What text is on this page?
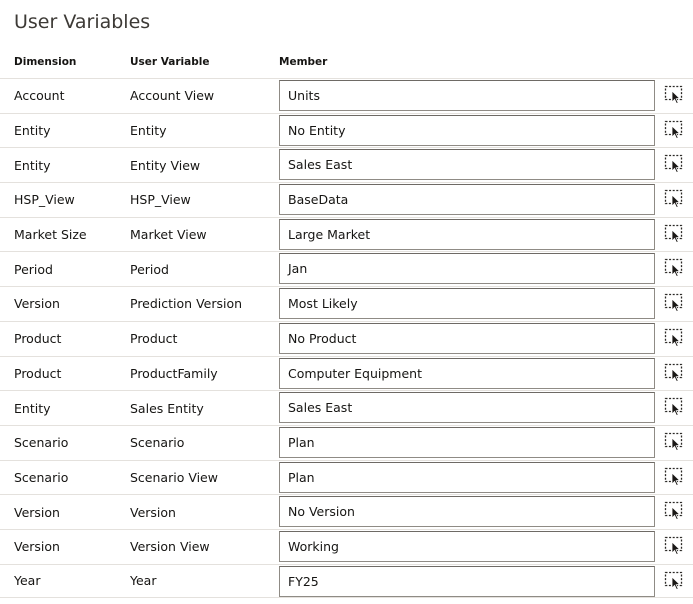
User Variables
Dimension	User Variable	Member
Account	Account View	Units
Entity	Entity	No Entity
Entity	Entity View	Sales East
HSP_View	HSP_View	BaseData
Market Size	Market View	Large Market
Period	Period	Jan
Version	Prediction Version	Most Likely
Product	Product	No Product
Product	ProductFamily	Computer Equipment
Entity	Sales Entity	Sales East
Scenario	Scenario	Plan
Scenario	Scenario View	Plan
Version	Version	No Version
Version	Version View	Working
Year	Year	FY25
